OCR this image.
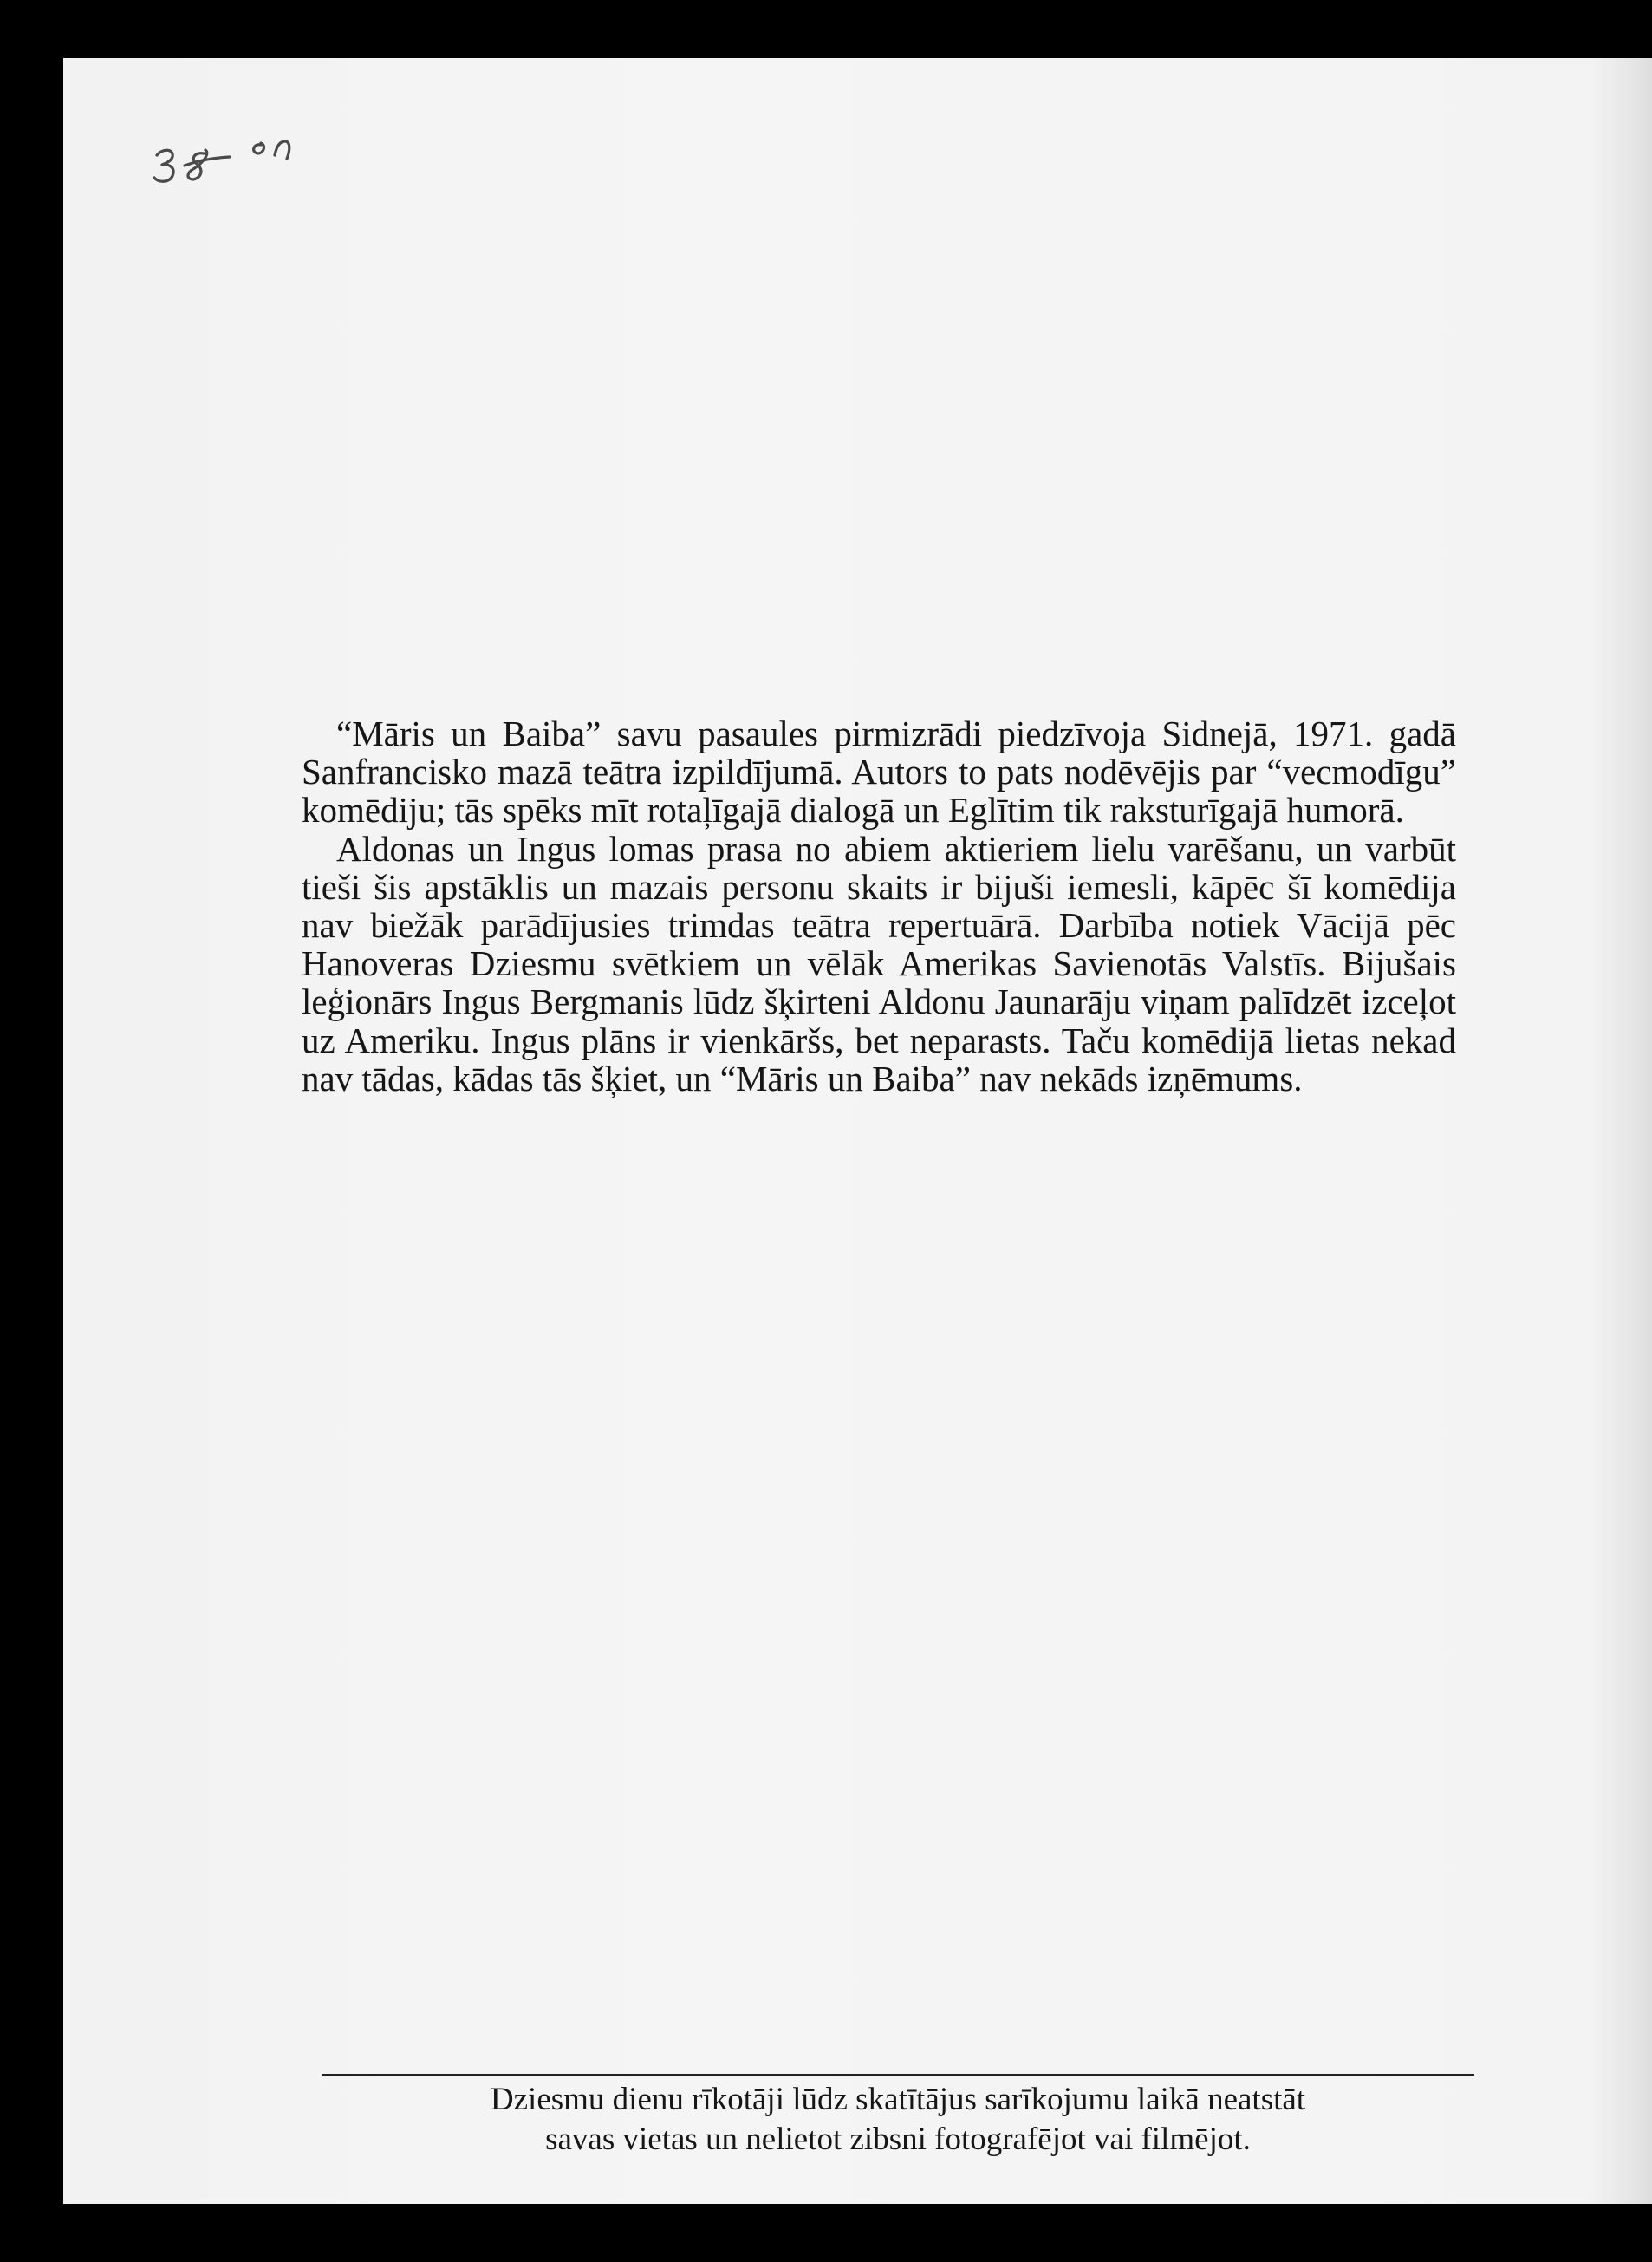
“Māris un Baiba” savu pasaules pirmizrādi piedzīvoja Sidnejā, 1971. gadā Sanfrancisko mazā teātra izpildījumā. Autors to pats nodēvējis par “vecmodīgu” komēdiju; tās spēks mīt rotaļīgajā dialogā un Eglītim tik raksturīgajā humorā.

Aldonas un Ingus lomas prasa no abiem aktieriem lielu varēšanu, un varbūt tieši šis apstāklis un mazais personu skaits ir bijuši iemesli, kāpēc šī komēdija nav biežāk parādījusies trimdas teātra repertuārā. Darbība notiek Vācijā pēc Hanoveras Dziesmu svētkiem un vēlāk Amerikas Savienotās Valstīs. Bijušais leģionārs Ingus Bergmanis lūdz šķirteni Aldonu Jaunarāju viņam palīdzēt izceļot uz Ameriku. Ingus plāns ir vienkāršs, bet neparasts. Taču komēdijā lietas nekad nav tādas, kādas tās šķiet, un “Māris un Baiba” nav nekāds izņēmums.

Dziesmu dienu rīkotāji lūdz skatītājus sarīkojumu laikā neatstāt
savas vietas un nelietot zibsni fotografējot vai filmējot.
